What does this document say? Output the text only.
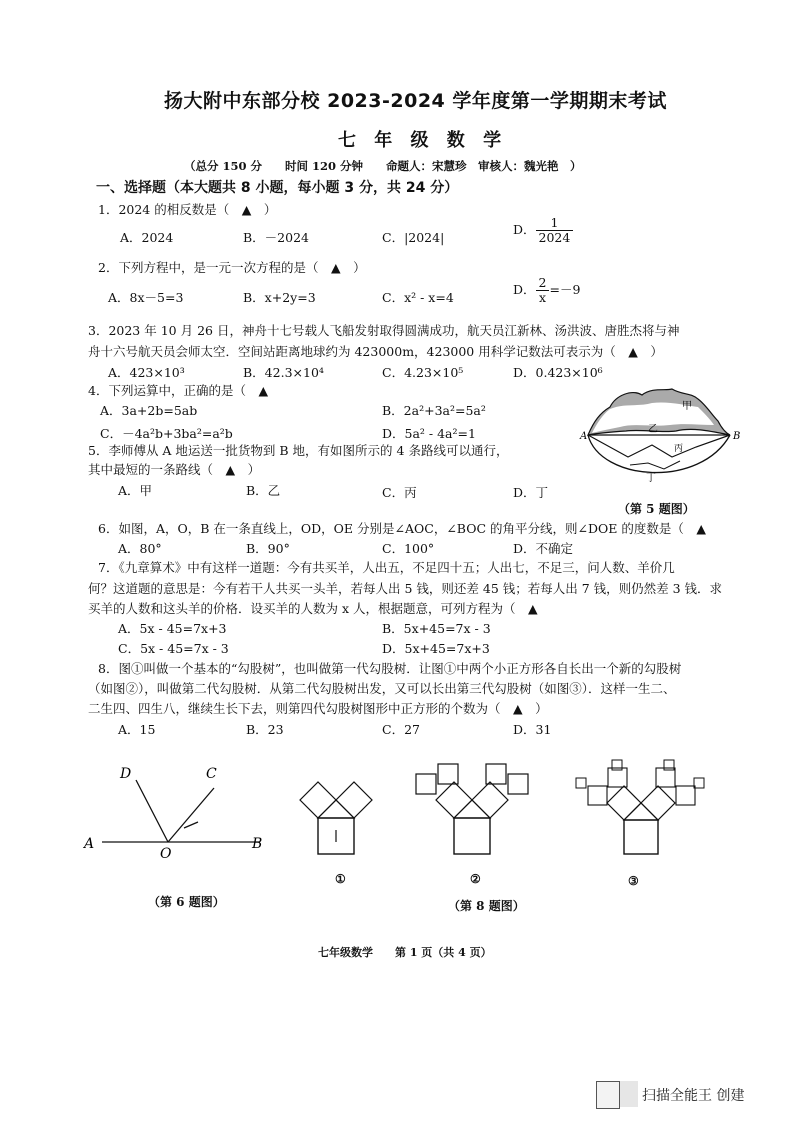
扬大附中东部分校 2023-2024 学年度第一学期期末考试
七 年 级 数 学
（总分 150 分　　时间 120 分钟　　命题人：宋慧珍　审核人：魏光艳　）
一、选择题（本大题共 8 小题，每小题 3 分，共 24 分）
1．2024 的相反数是（　▲　）
A．2024	B．－2024	C．|2024|
D． $\frac{1}{2024}$
2．下列方程中，是一元一次方程的是（　▲　）
A．8x－5=3	B．x+2y=3	C．x² - x=4
D． $\frac{2}{x} =-9$
3．2023 年 10 月 26 日，神舟十七号载人飞船发射取得圆满成功，航天员江新林、汤洪波、唐胜杰将与神
舟十六号航天员会师太空．空间站距离地球约为 423000m，423000 用科学记数法可表示为（　▲　）
A．423×10³	B．42.3×10⁴	C．4.23×10⁵	D．0.423×10⁶
4．下列运算中，正确的是（　▲
A．3a+2b=5ab	B．2a²+3a²=5a²
C．－4a²b+3ba²=a²b	D．5a² - 4a²=1
5．李师傅从 A 地运送一批货物到 B 地，有如图所示的 4 条路线可以通行，
其中最短的一条路线（　▲　）
A．甲	B．乙	C．丙	D．丁
A	B
甲
乙
丙
丁
（第 5 题图）
6．如图，A，O，B 在一条直线上，OD，OE 分别是∠AOC，∠BOC 的角平分线，则∠DOE 的度数是（　▲
A．80°	B．90°	C．100°	D．不确定
7．《九章算术》中有这样一道题：今有共买羊，人出五，不足四十五；人出七，不足三，问人数、羊价几
何？这道题的意思是：今有若干人共买一头羊，若每人出 5 钱，则还差 45 钱；若每人出 7 钱，则仍然差 3 钱．求
买羊的人数和这头羊的价格．设买羊的人数为 x 人，根据题意，可列方程为（　▲
A．5x - 45=7x+3	B．5x+45=7x - 3
C．5x - 45=7x - 3	D．5x+45=7x+3
8．图①叫做一个基本的“勾股树”，也叫做第一代勾股树．让图①中两个小正方形各自长出一个新的勾股树
（如图②），叫做第二代勾股树．从第二代勾股树出发，又可以长出第三代勾股树（如图③）．这样一生二、
二生四、四生八，继续生长下去，则第四代勾股树图形中正方形的个数为（　▲　）
A．15	B．23	C．27	D．31
A
O
B
C
D
（第 6 题图）
①	②	③
（第 8 题图）
七年级数学　　第 1 页（共 4 页）
扫描全能王 创建
